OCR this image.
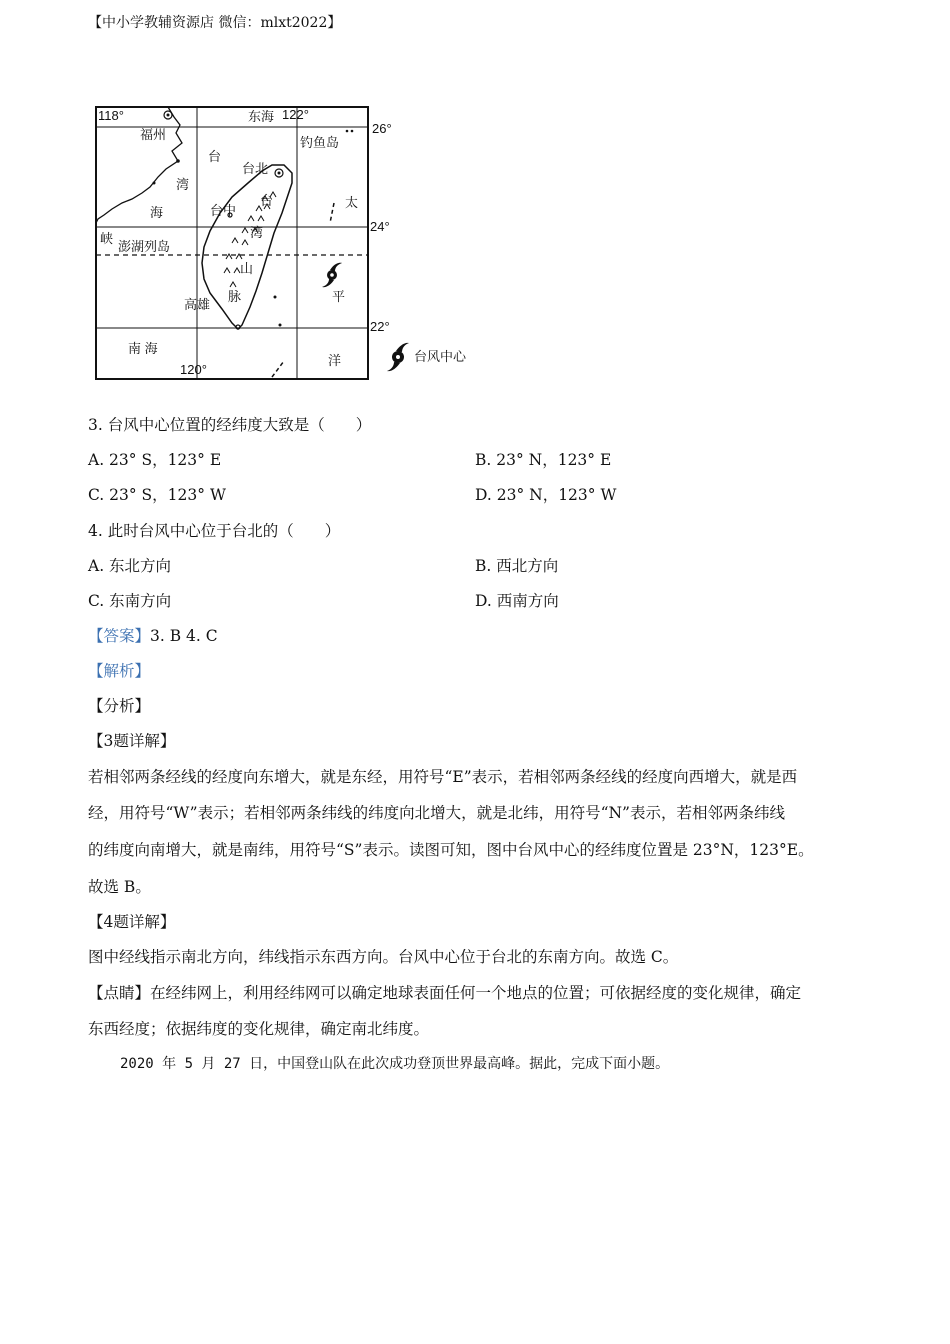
【中小学教辅资源店 微信：mlxt2022】
118°	122°
120°
26°
24°
22°
福州
东海
钓鱼岛
台
湾
海
峡
澎湖列岛
台北
台中
台
湾
山
脉
高雄
南 海
太
平
洋	台风中心
3. 台风中心位置的经纬度大致是（　　）
A. 23° S，123° E	B. 23° N，123° E
C. 23° S，123° W	D. 23° N，123° W
4. 此时台风中心位于台北的（　　）
A. 东北方向	B. 西北方向
C. 东南方向	D. 西南方向
【答案】3. B 4. C
【解析】
【分析】
【3题详解】
若相邻两条经线的经度向东增大，就是东经，用符号“E”表示，若相邻两条经线的经度向西增大，就是西
经，用符号“W”表示；若相邻两条纬线的纬度向北增大，就是北纬，用符号“N”表示，若相邻两条纬线
的纬度向南增大，就是南纬，用符号“S”表示。读图可知，图中台风中心的经纬度位置是 23°N，123°E。
故选 B。
【4题详解】
图中经线指示南北方向，纬线指示东西方向。台风中心位于台北的东南方向。故选 C。
【点睛】在经纬网上，利用经纬网可以确定地球表面任何一个地点的位置；可依据经度的变化规律，确定
东西经度；依据纬度的变化规律，确定南北纬度。
2020 年 5 月 27 日，中国登山队在此次成功登顶世界最高峰。据此，完成下面小题。
